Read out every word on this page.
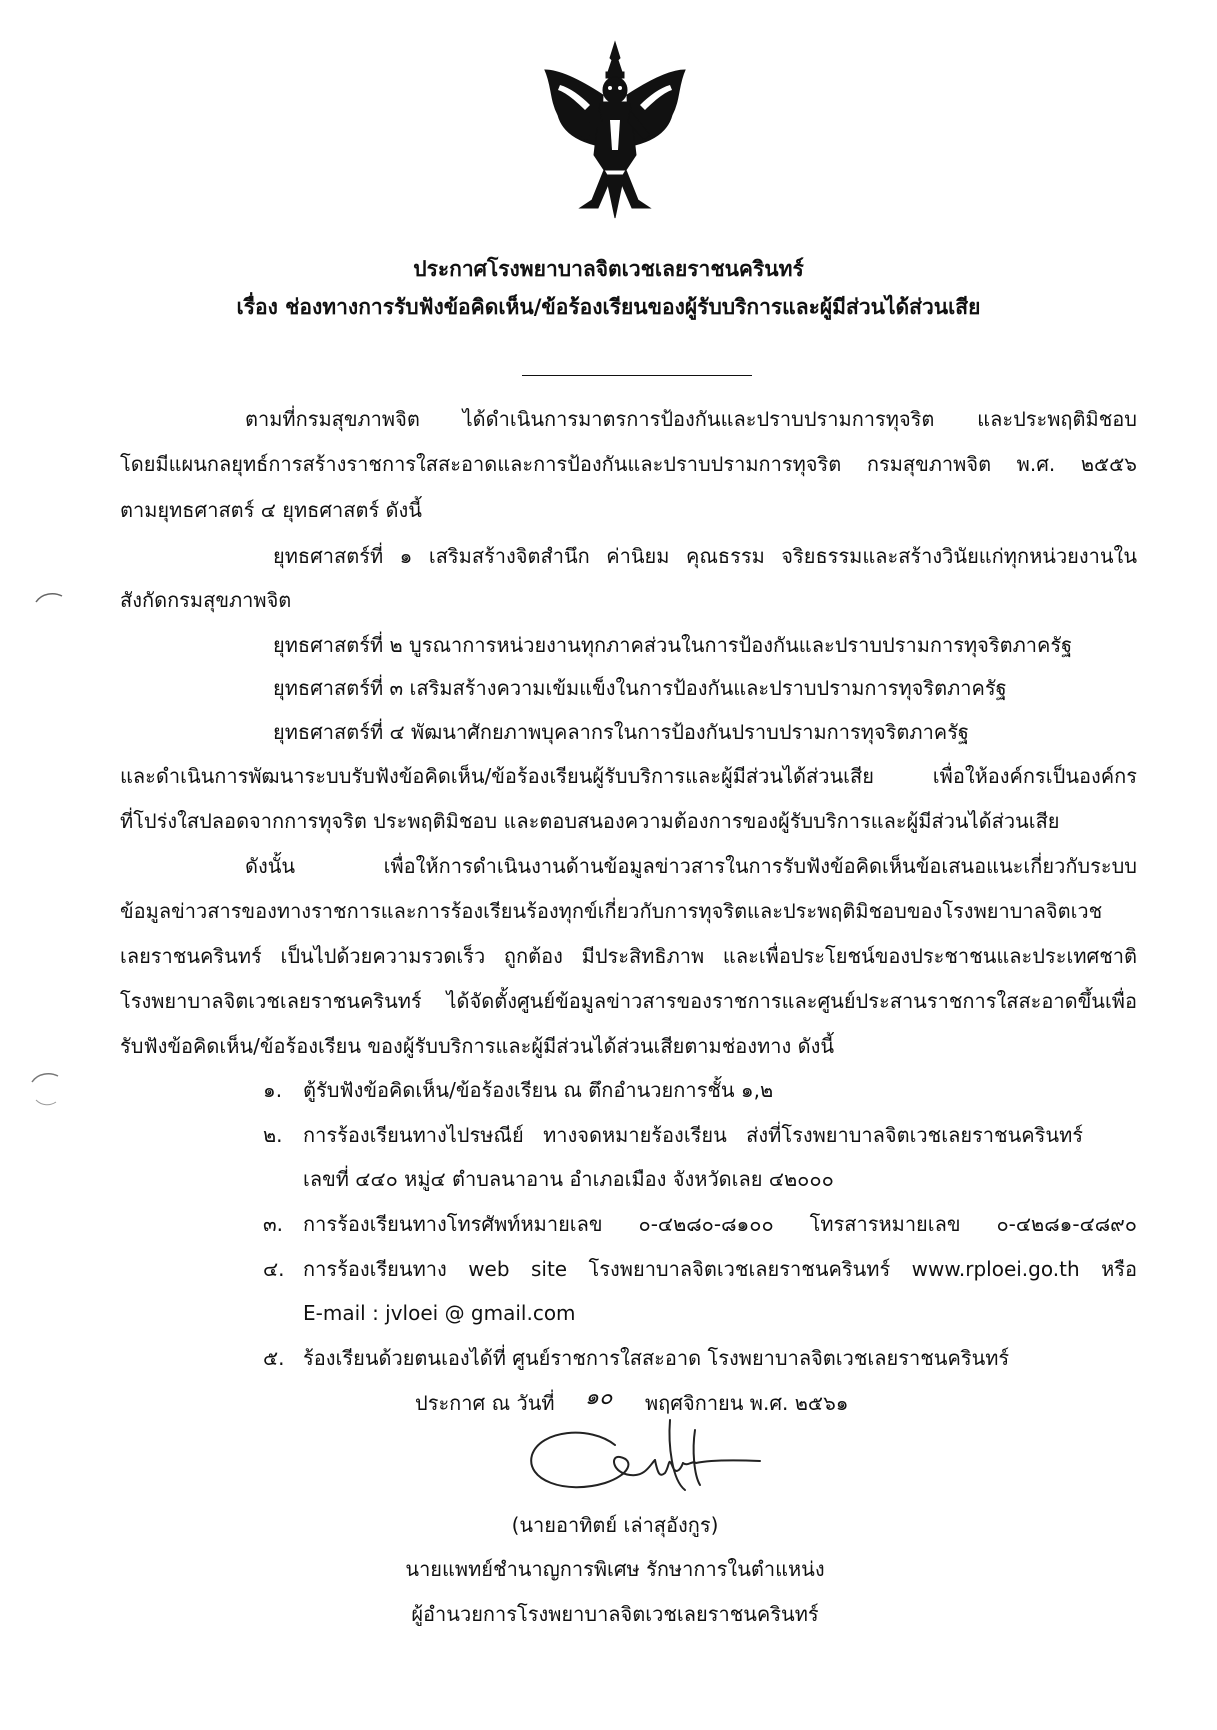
ประกาศโรงพยาบาลจิตเวชเลยราชนครินทร์
เรื่อง ช่องทางการรับฟังข้อคิดเห็น/ข้อร้องเรียนของผู้รับบริการและผู้มีส่วนได้ส่วนเสีย
ตามที่กรมสุขภาพจิต ได้ดำเนินการมาตรการป้องกันและปราบปรามการทุจริต และประพฤติมิชอบ
โดยมีแผนกลยุทธ์การสร้างราชการใสสะอาดและการป้องกันและปราบปรามการทุจริต กรมสุขภาพจิต พ.ศ. ๒๕๕๖
ตามยุทธศาสตร์ ๔ ยุทธศาสตร์ ดังนี้
ยุทธศาสตร์ที่ ๑ เสริมสร้างจิตสำนึก ค่านิยม คุณธรรม จริยธรรมและสร้างวินัยแก่ทุกหน่วยงานใน
สังกัดกรมสุขภาพจิต
ยุทธศาสตร์ที่ ๒ บูรณาการหน่วยงานทุกภาคส่วนในการป้องกันและปราบปรามการทุจริตภาครัฐ
ยุทธศาสตร์ที่ ๓ เสริมสร้างความเข้มแข็งในการป้องกันและปราบปรามการทุจริตภาครัฐ
ยุทธศาสตร์ที่ ๔ พัฒนาศักยภาพบุคลากรในการป้องกันปราบปรามการทุจริตภาครัฐ
และดำเนินการพัฒนาระบบรับฟังข้อคิดเห็น/ข้อร้องเรียนผู้รับบริการและผู้มีส่วนได้ส่วนเสีย เพื่อให้องค์กรเป็นองค์กร
ที่โปร่งใสปลอดจากการทุจริต ประพฤติมิชอบ และตอบสนองความต้องการของผู้รับบริการและผู้มีส่วนได้ส่วนเสีย
ดังนั้น เพื่อให้การดำเนินงานด้านข้อมูลข่าวสารในการรับฟังข้อคิดเห็นข้อเสนอแนะเกี่ยวกับระบบ
ข้อมูลข่าวสารของทางราชการและการร้องเรียนร้องทุกข์เกี่ยวกับการทุจริตและประพฤติมิชอบของโรงพยาบาลจิตเวช
เลยราชนครินทร์ เป็นไปด้วยความรวดเร็ว ถูกต้อง มีประสิทธิภาพ และเพื่อประโยชน์ของประชาชนและประเทศชาติ
โรงพยาบาลจิตเวชเลยราชนครินทร์ ได้จัดตั้งศูนย์ข้อมูลข่าวสารของราชการและศูนย์ประสานราชการใสสะอาดขึ้นเพื่อ
รับฟังข้อคิดเห็น/ข้อร้องเรียน ของผู้รับบริการและผู้มีส่วนได้ส่วนเสียตามช่องทาง ดังนี้
๑. ตู้รับฟังข้อคิดเห็น/ข้อร้องเรียน ณ ตึกอำนวยการชั้น ๑,๒
๒. การร้องเรียนทางไปรษณีย์ ทางจดหมายร้องเรียน ส่งที่โรงพยาบาลจิตเวชเลยราชนครินทร์
เลขที่ ๔๔๐ หมู่๔ ตำบลนาอาน อำเภอเมือง จังหวัดเลย ๔๒๐๐๐
๓. การร้องเรียนทางโทรศัพท์หมายเลข ๐-๔๒๘๐-๘๑๐๐ โทรสารหมายเลข ๐-๔๒๘๑-๔๘๙๐
๔. การร้องเรียนทาง web site โรงพยาบาลจิตเวชเลยราชนครินทร์ www.rploei.go.th หรือ
E-mail : jvloei @ gmail.com
๕. ร้องเรียนด้วยตนเองได้ที่ ศูนย์ราชการใสสะอาด โรงพยาบาลจิตเวชเลยราชนครินทร์
ประกาศ ณ วันที่ ๑๐ พฤศจิกายน พ.ศ. ๒๕๖๑
(นายอาทิตย์ เล่าสุอังกูร)
นายแพทย์ชำนาญการพิเศษ รักษาการในตำแหน่ง
ผู้อำนวยการโรงพยาบาลจิตเวชเลยราชนครินทร์
